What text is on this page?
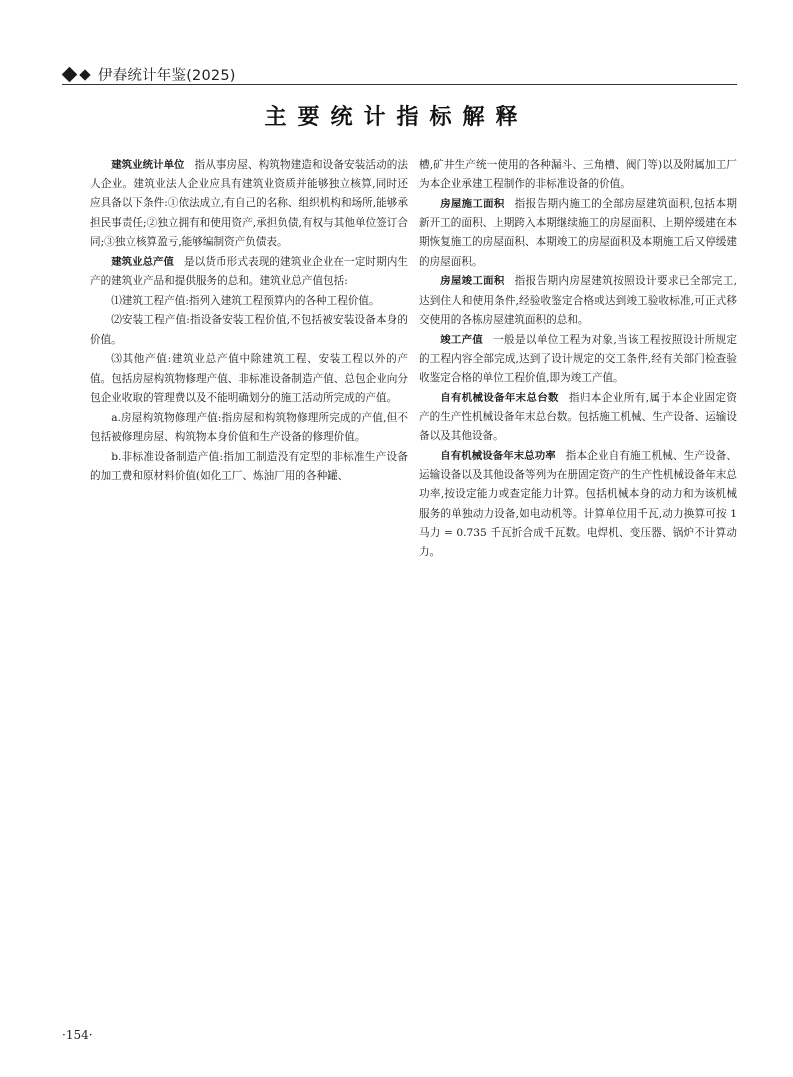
伊春统计年鉴(2025)
主要统计指标解释

建筑业统计单位 指从事房屋、构筑物建造和设备安装活动的法人企业。建筑业法人企业应具有建筑业资质并能够独立核算,同时还应具备以下条件:①依法成立,有自己的名称、组织机构和场所,能够承担民事责任;②独立拥有和使用资产,承担负债,有权与其他单位签订合同;③独立核算盈亏,能够编制资产负债表。

建筑业总产值 是以货币形式表现的建筑业企业在一定时期内生产的建筑业产品和提供服务的总和。建筑业总产值包括:

⑴建筑工程产值:指列入建筑工程预算内的各种工程价值。

⑵安装工程产值:指设备安装工程价值,不包括被安装设备本身的价值。

⑶其他产值:建筑业总产值中除建筑工程、安装工程以外的产值。包括房屋构筑物修理产值、非标准设备制造产值、总包企业向分包企业收取的管理费以及不能明确划分的施工活动所完成的产值。

a.房屋构筑物修理产值:指房屋和构筑物修理所完成的产值,但不包括被修理房屋、构筑物本身价值和生产设备的修理价值。

b.非标准设备制造产值:指加工制造没有定型的非标准生产设备的加工费和原材料价值(如化工厂、炼油厂用的各种罐、

槽,矿井生产统一使用的各种漏斗、三角槽、阀门等)以及附属加工厂为本企业承建工程制作的非标准设备的价值。

房屋施工面积 指报告期内施工的全部房屋建筑面积,包括本期新开工的面积、上期跨入本期继续施工的房屋面积、上期停缓建在本期恢复施工的房屋面积、本期竣工的房屋面积及本期施工后又停缓建的房屋面积。

房屋竣工面积 指报告期内房屋建筑按照设计要求已全部完工,达到住人和使用条件,经验收鉴定合格或达到竣工验收标准,可正式移交使用的各栋房屋建筑面积的总和。

竣工产值 一般是以单位工程为对象,当该工程按照设计所规定的工程内容全部完成,达到了设计规定的交工条件,经有关部门检查验收鉴定合格的单位工程价值,即为竣工产值。

自有机械设备年末总台数 指归本企业所有,属于本企业固定资产的生产性机械设备年末总台数。包括施工机械、生产设备、运输设备以及其他设备。

自有机械设备年末总功率 指本企业自有施工机械、生产设备、运输设备以及其他设备等列为在册固定资产的生产性机械设备年末总功率,按设定能力或查定能力计算。包括机械本身的动力和为该机械服务的单独动力设备,如电动机等。计算单位用千瓦,动力换算可按 1 马力 = 0.735 千瓦折合成千瓦数。电焊机、变压器、锅炉不计算动力。

·154·
